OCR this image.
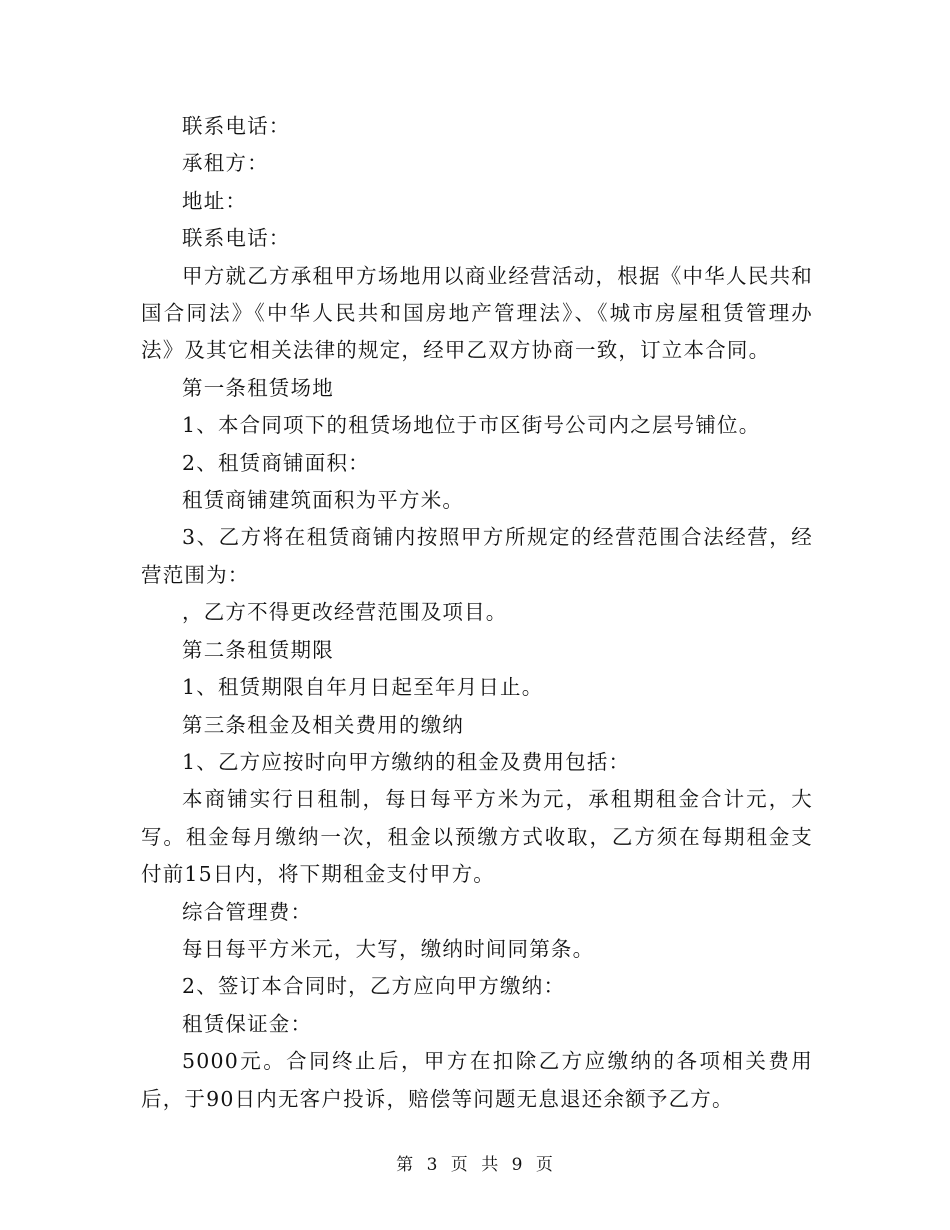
联系电话：

承租方：

地址：

联系电话：

甲方就乙方承租甲方场地用以商业经营活动，根据《中华人民共和国合同法》《中华人民共和国房地产管理法》、《城市房屋租赁管理办法》及其它相关法律的规定，经甲乙双方协商一致，订立本合同。

第一条租赁场地

1、本合同项下的租赁场地位于市区街号公司内之层号铺位。

2、租赁商铺面积：

租赁商铺建筑面积为平方米。

3、乙方将在租赁商铺内按照甲方所规定的经营范围合法经营，经营范围为：

，乙方不得更改经营范围及项目。

第二条租赁期限

1、租赁期限自年月日起至年月日止。

第三条租金及相关费用的缴纳

1、乙方应按时向甲方缴纳的租金及费用包括：

本商铺实行日租制，每日每平方米为元，承租期租金合计元，大写。租金每月缴纳一次，租金以预缴方式收取，乙方须在每期租金支付前15日内，将下期租金支付甲方。

综合管理费：

每日每平方米元，大写，缴纳时间同第条。

2、签订本合同时，乙方应向甲方缴纳：

租赁保证金：

5000元。合同终止后，甲方在扣除乙方应缴纳的各项相关费用后，于90日内无客户投诉，赔偿等问题无息退还余额予乙方。

第 3 页 共 9 页
